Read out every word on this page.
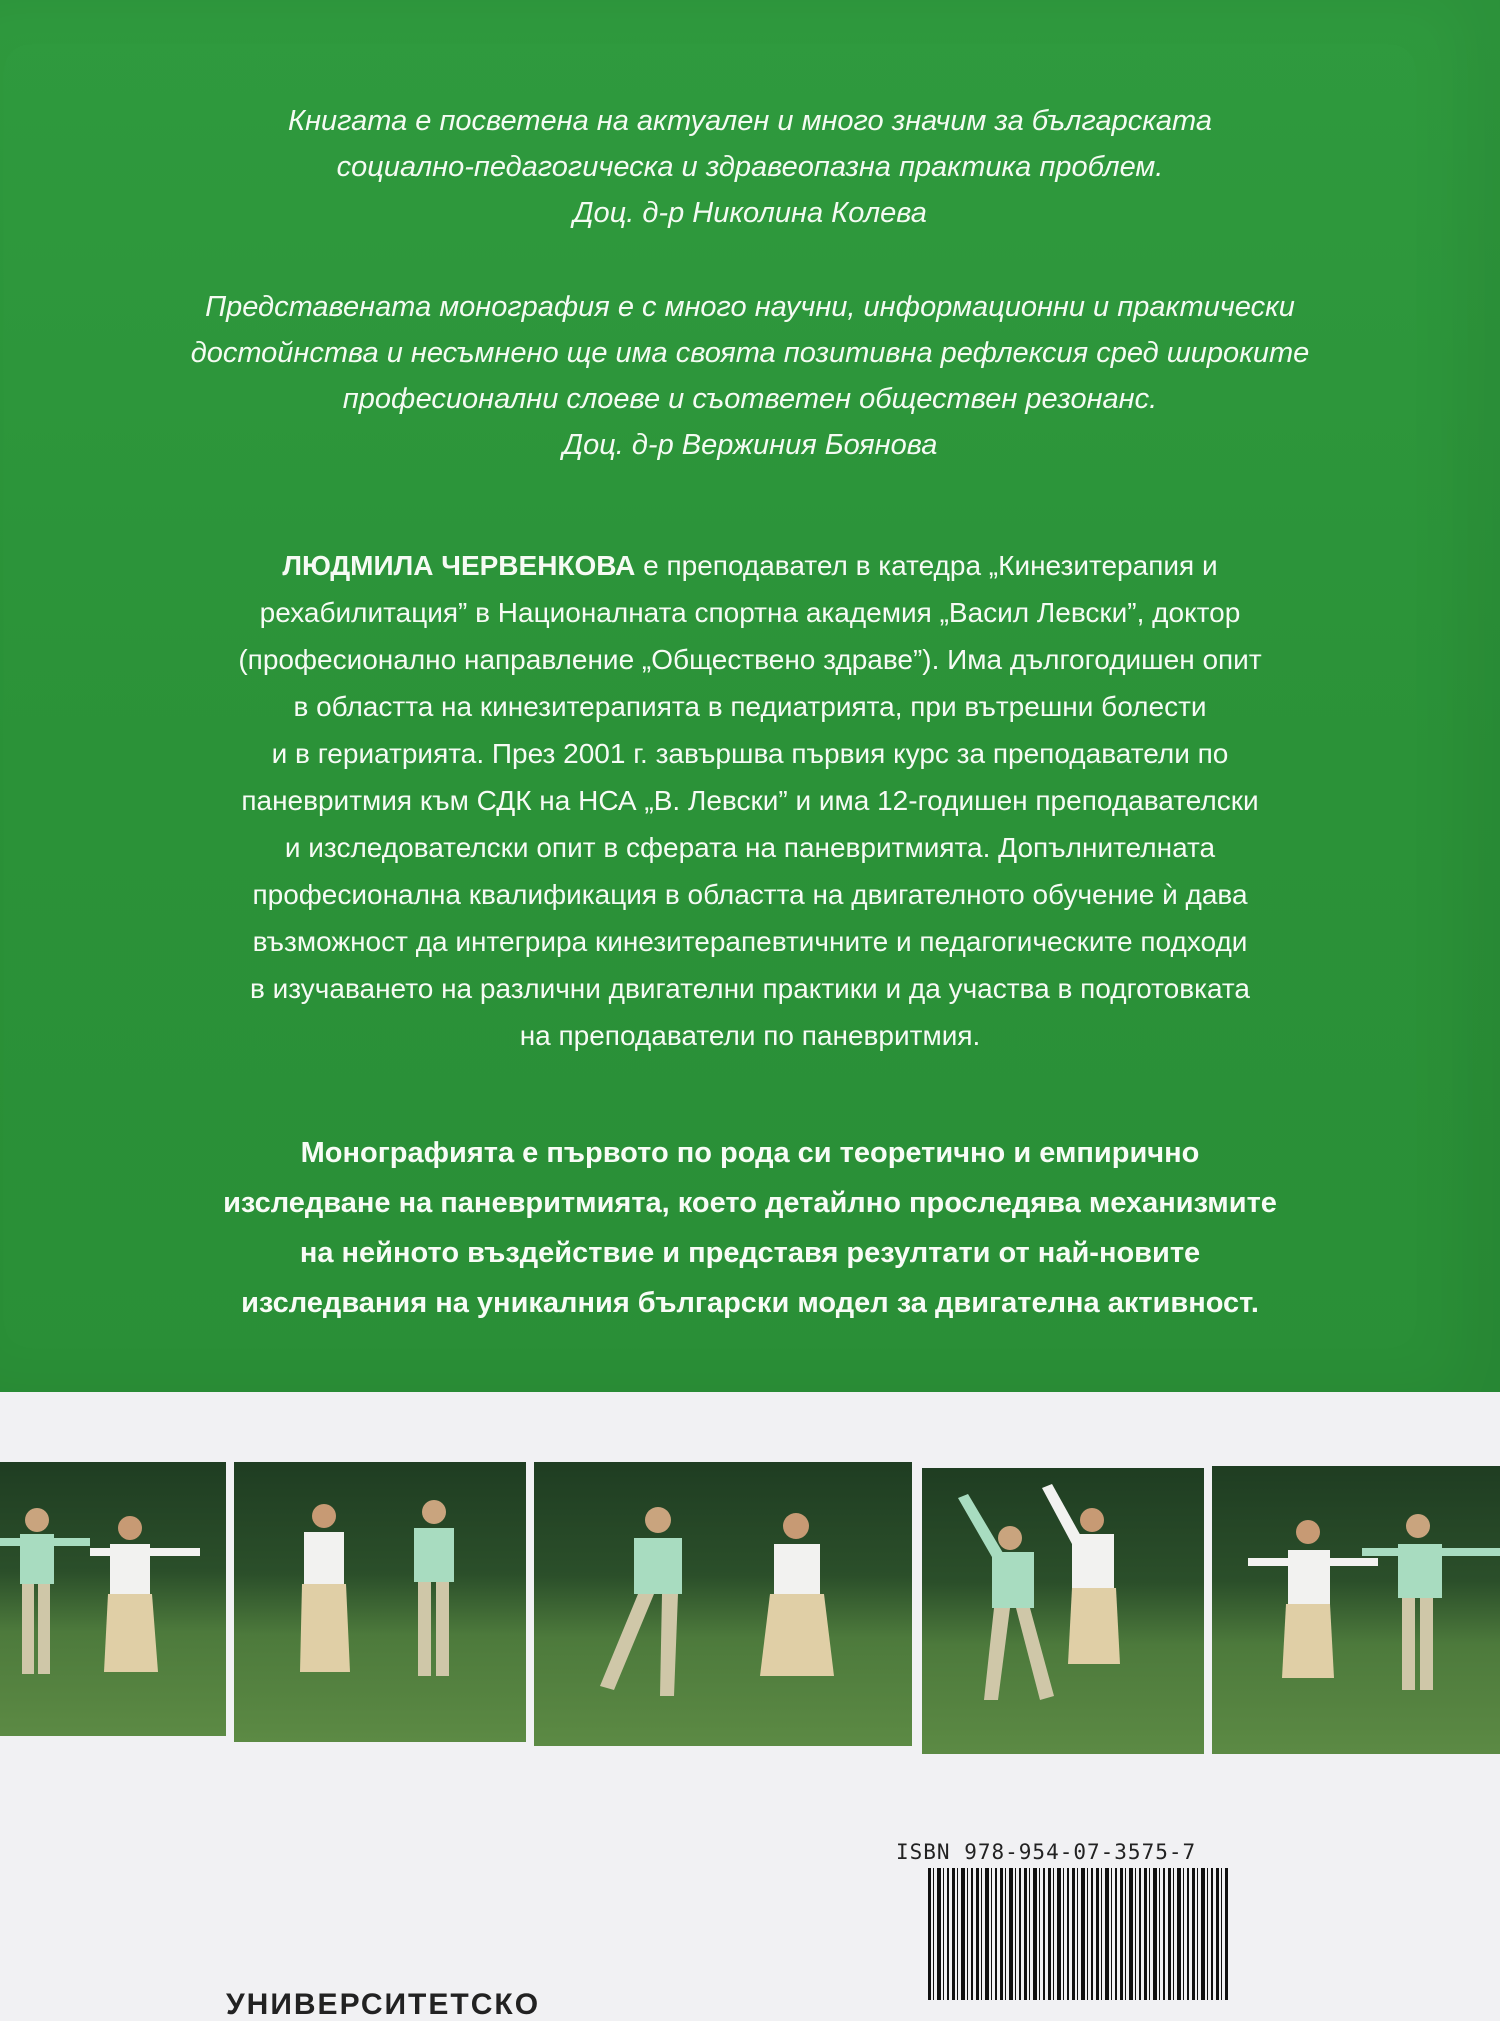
Книгата е посветена на актуален и много значим за българската

социално-педагогическа и здравеопазна практика проблем.

Доц. д-р Николина Колева

Представената монография е с много научни, информационни и практически

достойнства и несъмнено ще има своята позитивна рефлексия сред широките

професионални слоеве и съответен обществен резонанс.

Доц. д-р Вержиния Боянова

ЛЮДМИЛА ЧЕРВЕНКОВА е преподавател в катедра „Кинезитерапия и

рехабилитация” в Националната спортна академия „Васил Левски”, доктор

(професионално направление „Обществено здраве”). Има дългогодишен опит

в областта на кинезитерапията в педиатрията, при вътрешни болести

и в гериатрията. През 2001 г. завършва първия курс за преподаватели по

паневритмия към СДК на НСА „В. Левски” и има 12-годишен преподавателски

и изследователски опит в сферата на паневритмията. Допълнителната

професионална квалификация в областта на двигателното обучение ѝ дава

възможност да интегрира кинезитерапевтичните и педагогическите подходи

в изучаването на различни двигателни практики и да участва в подготовката

на преподаватели по паневритмия.

Монографията е първото по рода си теоретично и емпирично

изследване на паневритмията, което детайлно проследява механизмите

на нейното въздействие и представя резултати от най-новите

изследвания на уникалния български модел за двигателна активност.

ISBN 978-954-07-3575-7
УНИВЕРСИТЕТСКО
